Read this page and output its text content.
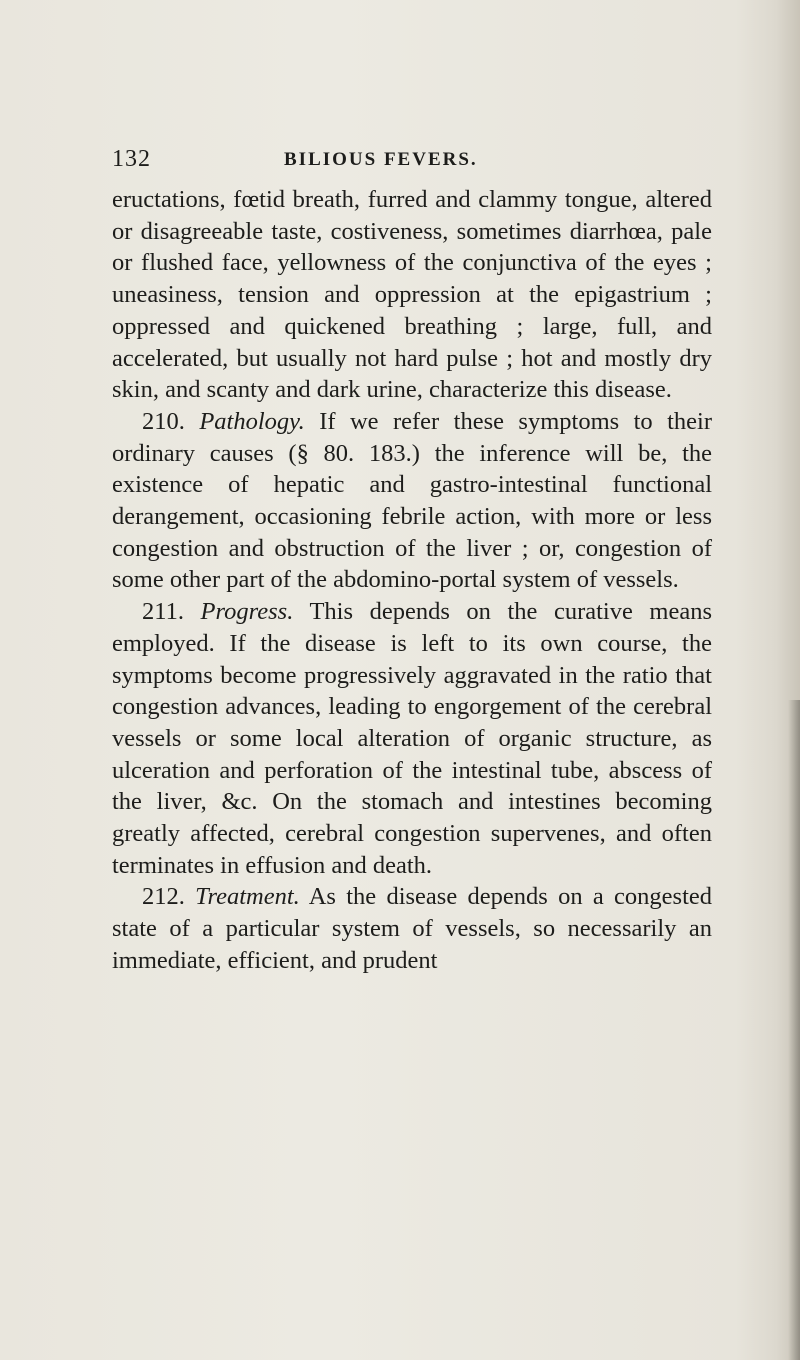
132	BILIOUS FEVERS.

eructations, fœtid breath, furred and clammy tongue, altered or disagreeable taste, costiveness, sometimes diarrhœa, pale or flushed face, yellowness of the conjunctiva of the eyes ; uneasiness, tension and oppression at the epigastrium ; oppressed and quickened breathing ; large, full, and accelerated, but usually not hard pulse ; hot and mostly dry skin, and scanty and dark urine, characterize this disease.

210. Pathology. If we refer these symptoms to their ordinary causes (§ 80. 183.) the inference will be, the existence of hepatic and gastro-intestinal functional derangement, occasioning febrile action, with more or less congestion and obstruction of the liver ; or, congestion of some other part of the abdomino-portal system of vessels.

211. Progress. This depends on the curative means employed. If the disease is left to its own course, the symptoms become progressively aggravated in the ratio that congestion advances, leading to engorgement of the cerebral vessels or some local alteration of organic structure, as ulceration and perforation of the intestinal tube, abscess of the liver, &c. On the stomach and intestines becoming greatly affected, cerebral congestion supervenes, and often terminates in effusion and death.

212. Treatment. As the disease depends on a congested state of a particular system of vessels, so necessarily an immediate, efficient, and prudent
